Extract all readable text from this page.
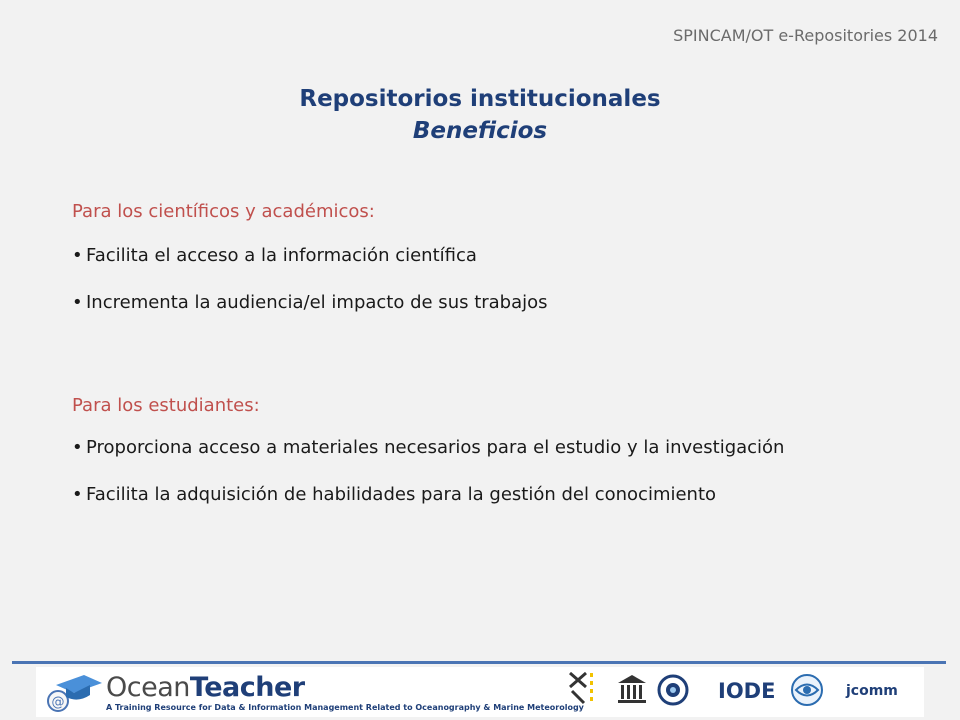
SPINCAM/OT e-Repositories 2014
Repositorios institucionales
Beneficios
Para los científicos y académicos:
• Facilita el acceso a la información científica
• Incrementa la audiencia/el impacto de sus trabajos
Para los estudiantes:
• Proporciona acceso a materiales necesarios para el estudio y la investigación
• Facilita la adquisición de habilidades para la gestión del conocimiento
@ OceanTeacher
A Training Resource for Data & Information Management Related to Oceanography & Marine Meteorology
IODE	jcomm
